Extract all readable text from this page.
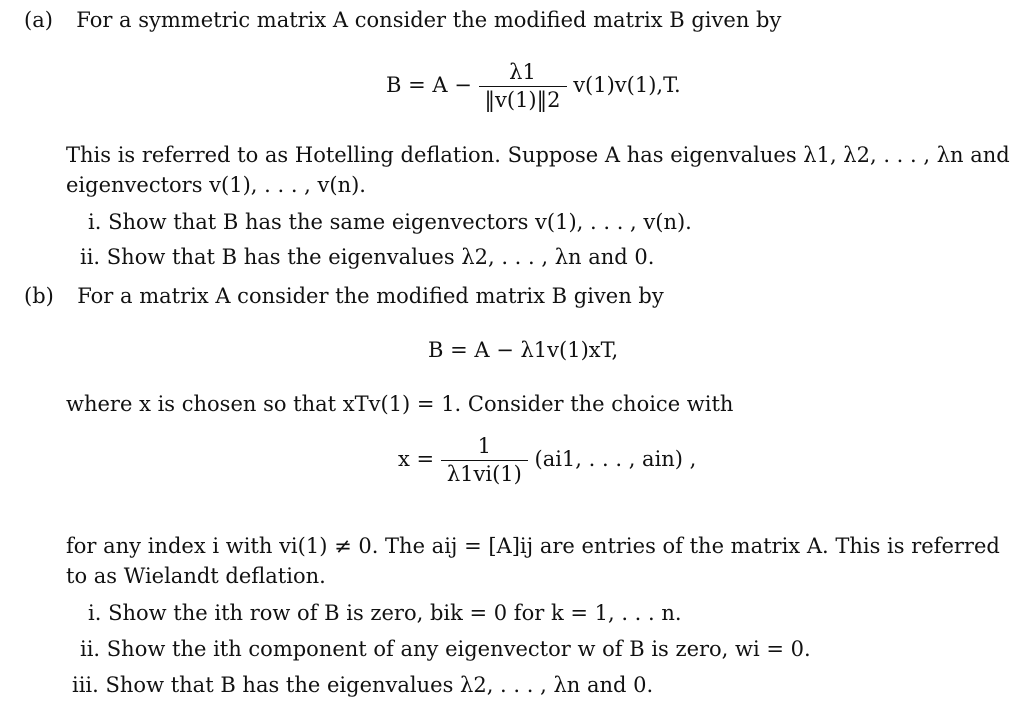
(a) For a symmetric matrix A consider the modified matrix B given by
$B = A - \frac{\lambda 1}{‖v(1)‖2} v(1)v(1),T$.
This is referred to as Hotelling deflation. Suppose A has eigenvalues λ1, λ2, . . . , λn and
eigenvectors v(1), . . . , v(n).
i. Show that B has the same eigenvectors v(1), . . . , v(n).
ii. Show that B has the eigenvalues λ2, . . . , λn and 0.
(b) For a matrix A consider the modified matrix B given by
B = A − λ1v(1)xT,
where x is chosen so that xTv(1) = 1. Consider the choice with
$x = \frac{1}{\lambda 1vi(1)} (ai1$, . . . , ain) ,
for any index i with vi(1) ≠ 0. The aij = [A]ij are entries of the matrix A. This is referred
to as Wielandt deflation.
i. Show the ith row of B is zero, bik = 0 for k = 1, . . . n.
ii. Show the ith component of any eigenvector w of B is zero, wi = 0.
iii. Show that B has the eigenvalues λ2, . . . , λn and 0.
